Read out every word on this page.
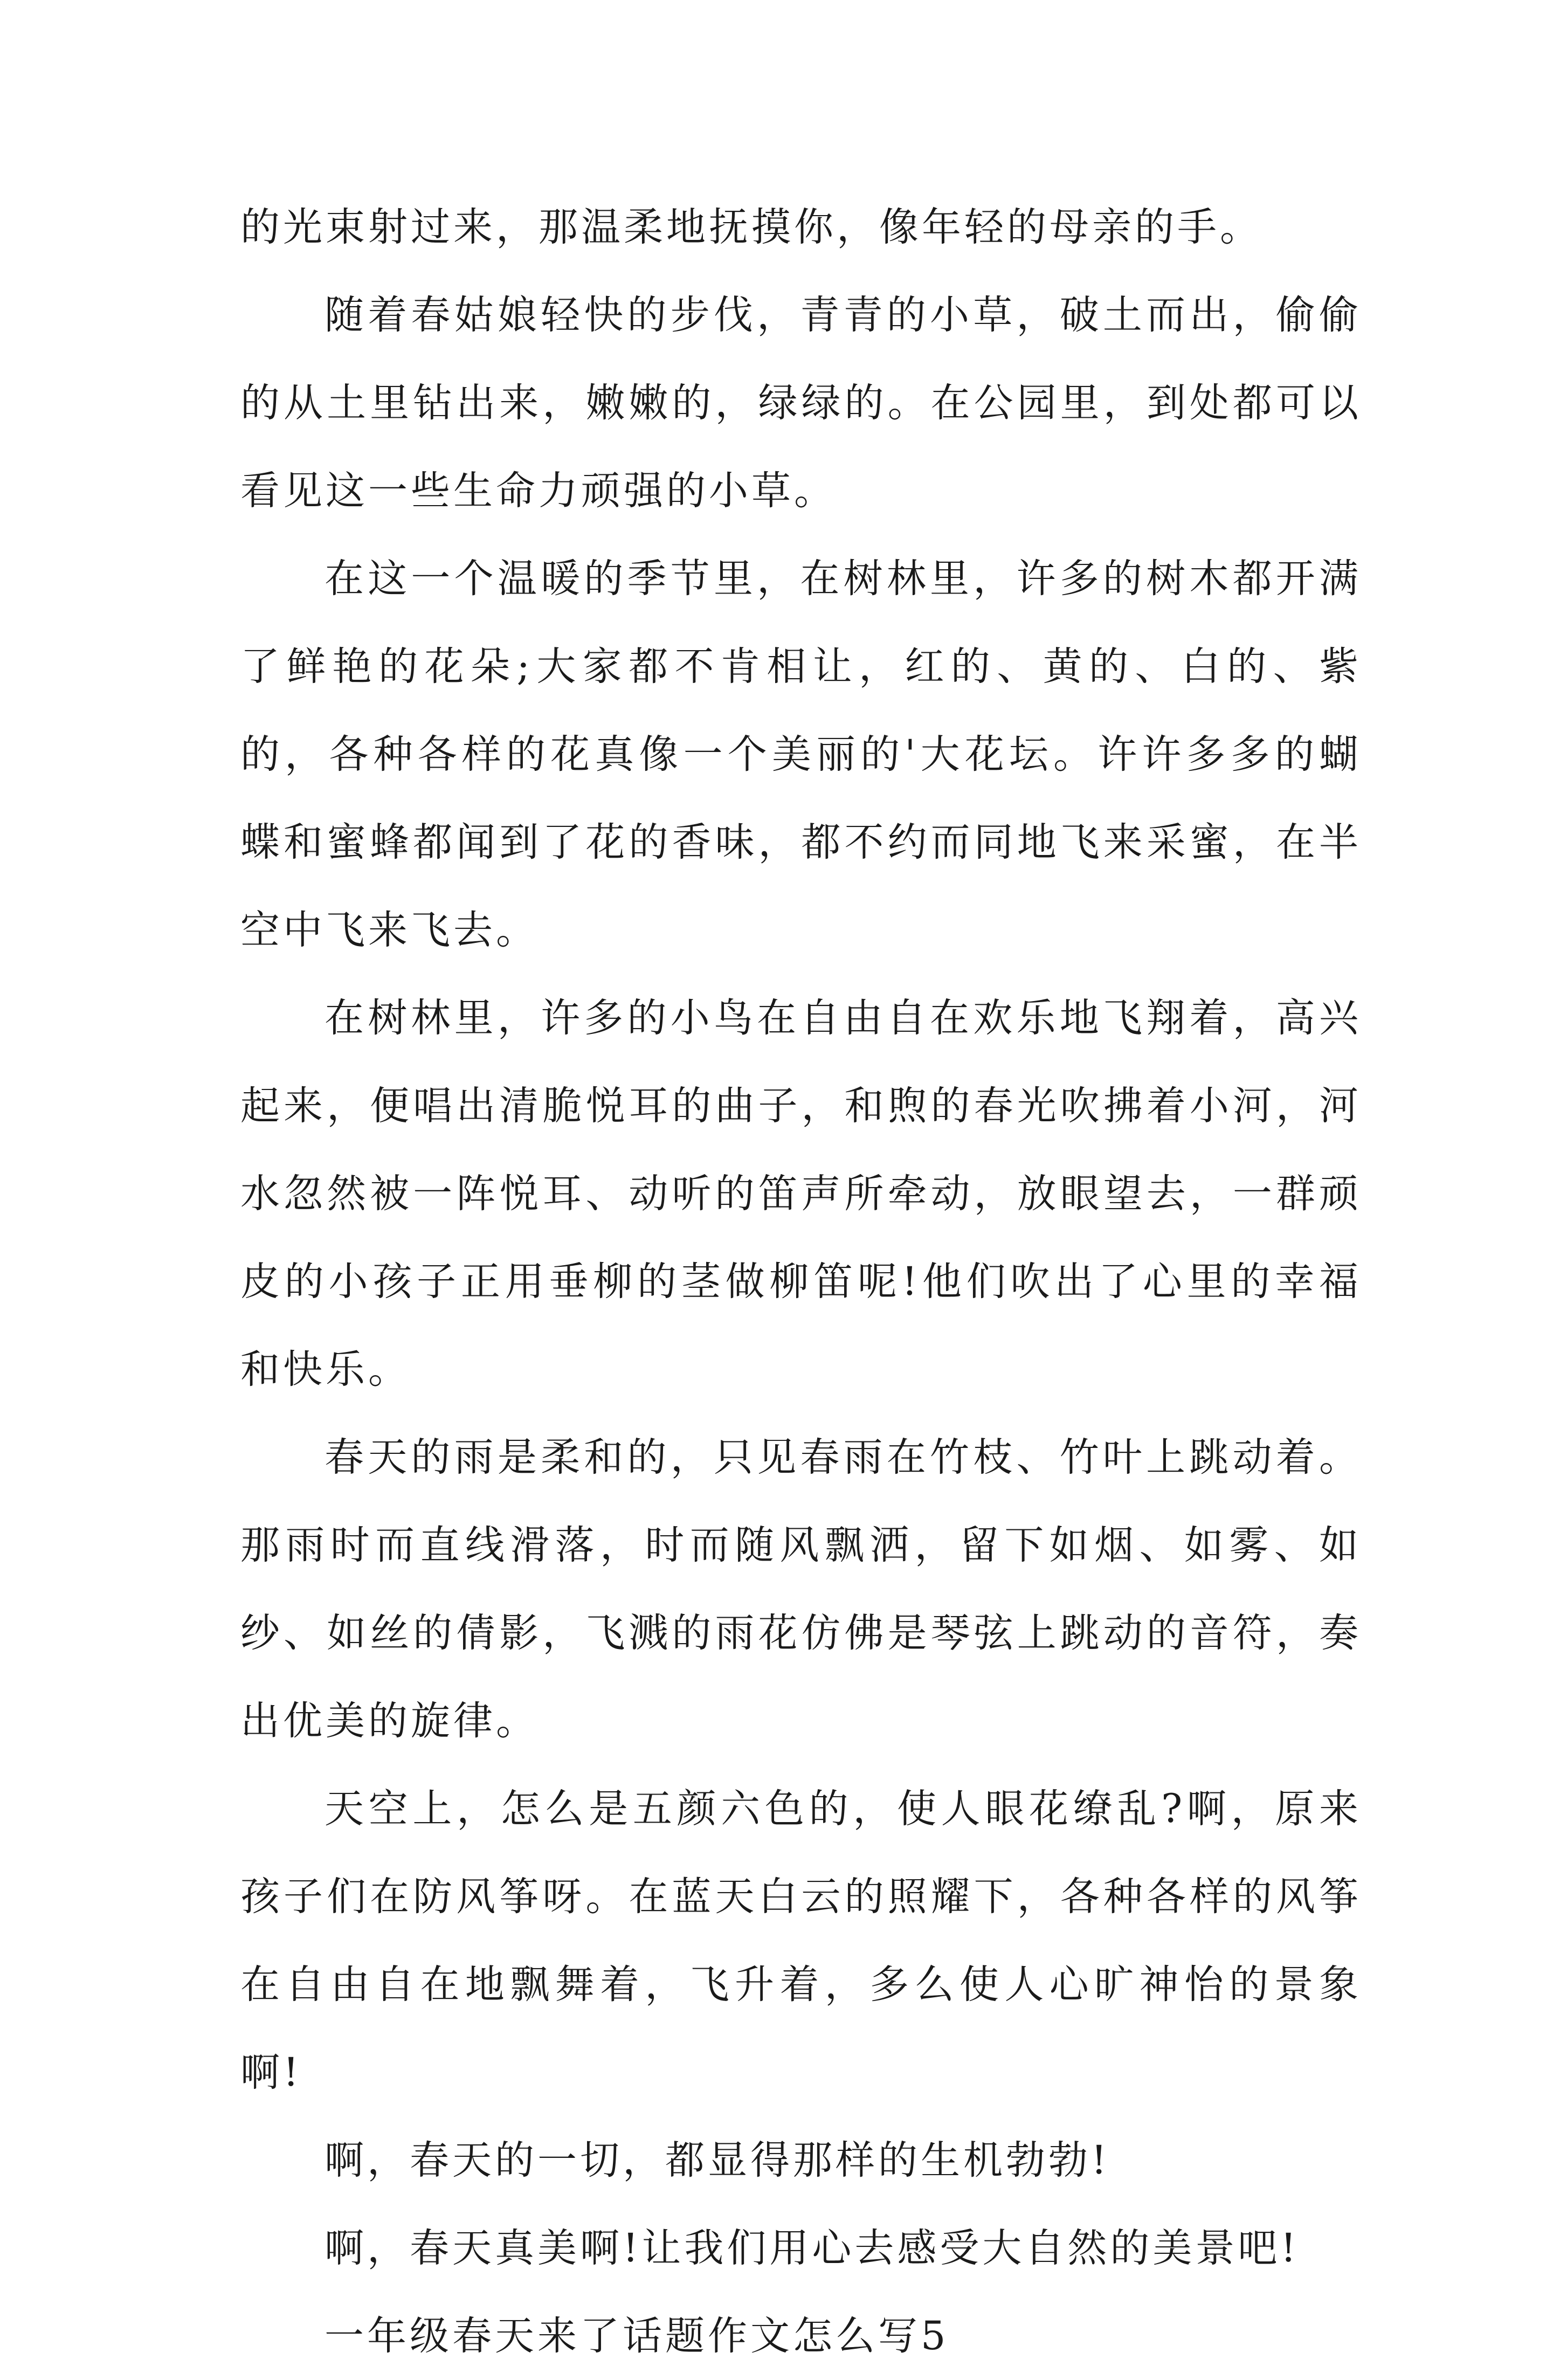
的光束射过来，那温柔地抚摸你，像年轻的母亲的手。

随着春姑娘轻快的步伐，青青的小草，破土而出，偷偷的从土里钻出来，嫩嫩的，绿绿的。在公园里，到处都可以看见这一些生命力顽强的小草。

在这一个温暖的季节里，在树林里，许多的树木都开满了鲜艳的花朵;大家都不肯相让，红的、黄的、白的、紫的，各种各样的花真像一个美丽的'大花坛。许许多多的蝴蝶和蜜蜂都闻到了花的香味，都不约而同地飞来采蜜，在半空中飞来飞去。

在树林里，许多的小鸟在自由自在欢乐地飞翔着，高兴起来，便唱出清脆悦耳的曲子，和煦的春光吹拂着小河，河水忽然被一阵悦耳、动听的笛声所牵动，放眼望去，一群顽皮的小孩子正用垂柳的茎做柳笛呢!他们吹出了心里的幸福和快乐。

春天的雨是柔和的，只见春雨在竹枝、竹叶上跳动着。那雨时而直线滑落，时而随风飘洒，留下如烟、如雾、如纱、如丝的倩影，飞溅的雨花仿佛是琴弦上跳动的音符，奏出优美的旋律。

天空上，怎么是五颜六色的，使人眼花缭乱?啊，原来孩子们在防风筝呀。在蓝天白云的照耀下，各种各样的风筝在自由自在地飘舞着，飞升着，多么使人心旷神怡的景象啊!

啊，春天的一切，都显得那样的生机勃勃!

啊，春天真美啊!让我们用心去感受大自然的美景吧!

一年级春天来了话题作文怎么写5
